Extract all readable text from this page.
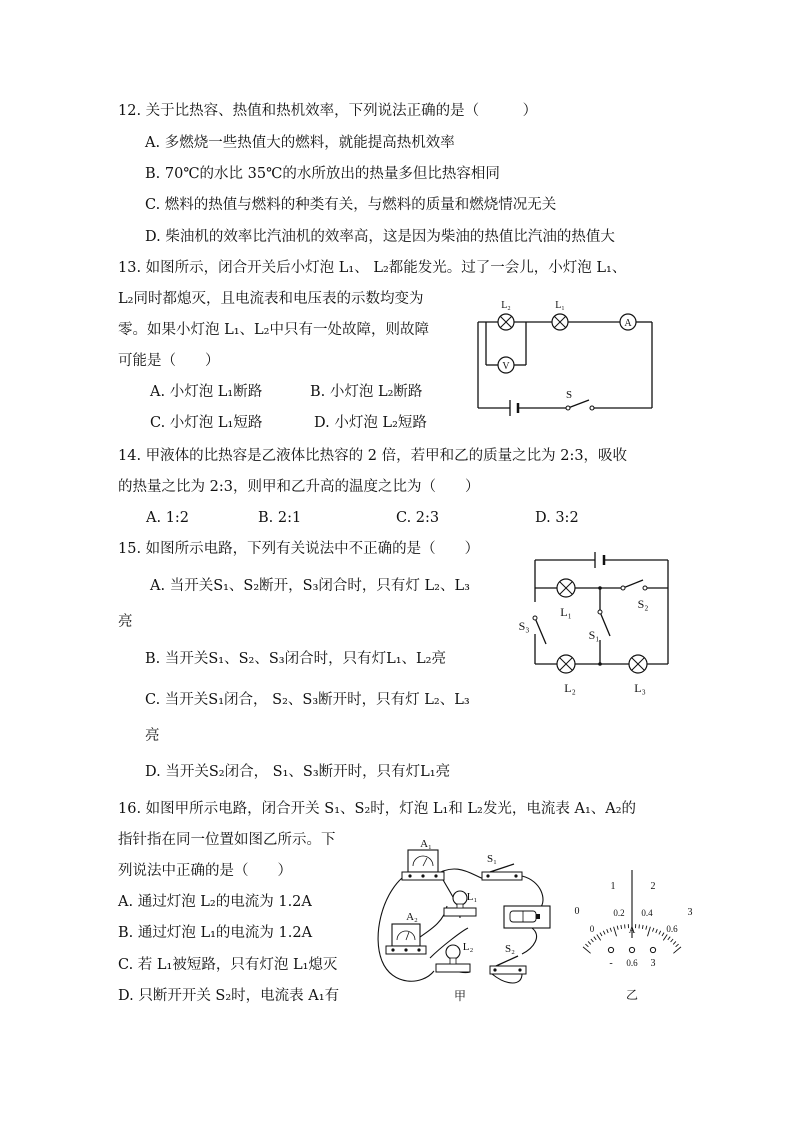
12. 关于比热容、热值和热机效率，下列说法正确的是（　　　）
A. 多燃烧一些热值大的燃料，就能提高热机效率
B. 70℃的水比 35℃的水所放出的热量多但比热容相同
C. 燃料的热值与燃料的种类有关，与燃料的质量和燃烧情况无关
D. 柴油机的效率比汽油机的效率高，这是因为柴油的热值比汽油的热值大
13. 如图所示，闭合开关后小灯泡 L₁、 L₂都能发光。过了一会儿，小灯泡 L₁、
L₂同时都熄灭，且电流表和电压表的示数均变为
零。如果小灯泡 L₁、L₂中只有一处故障，则故障
可能是（　　）
A. 小灯泡 L₁断路	B. 小灯泡 L₂断路
C. 小灯泡 L₁短路	D. 小灯泡 L₂短路
A
V
L₂	L₁
S
14. 甲液体的比热容是乙液体比热容的 2 倍，若甲和乙的质量之比为 2:3，吸收
的热量之比为 2:3，则甲和乙升高的温度之比为（　　）
A. 1:2	B. 2:1	C. 2:3	D. 3:2
15. 如图所示电路，下列有关说法中不正确的是（　　）
A. 当开关S₁、S₂断开，S₃闭合时，只有灯 L₂、L₃
亮
B. 当开关S₁、S₂、S₃闭合时，只有灯L₁、L₂亮
C. 当开关S₁闭合， S₂、S₃断开时，只有灯 L₂、L₃
亮
D. 当开关S₂闭合， S₁、S₃断开时，只有灯L₁亮
L₁
L₂	L₃
S₂
S₃
S₁
16. 如图甲所示电路，闭合开关 S₁、S₂时，灯泡 L₁和 L₂发光，电流表 A₁、A₂的
指针指在同一位置如图乙所示。下
列说法中正确的是（　　）
A. 通过灯泡 L₂的电流为 1.2A
B. 通过灯泡 L₁的电流为 1.2A
C. 若 L₁被短路，只有灯泡 L₁熄灭
D. 只断开开关 S₂时，电流表 A₁有
A₁
A₂
S₁
S₂
L₁
L₂
甲
0
1	2
3
0
0.2 0.4
0.6
A
- 0.6 3
乙
